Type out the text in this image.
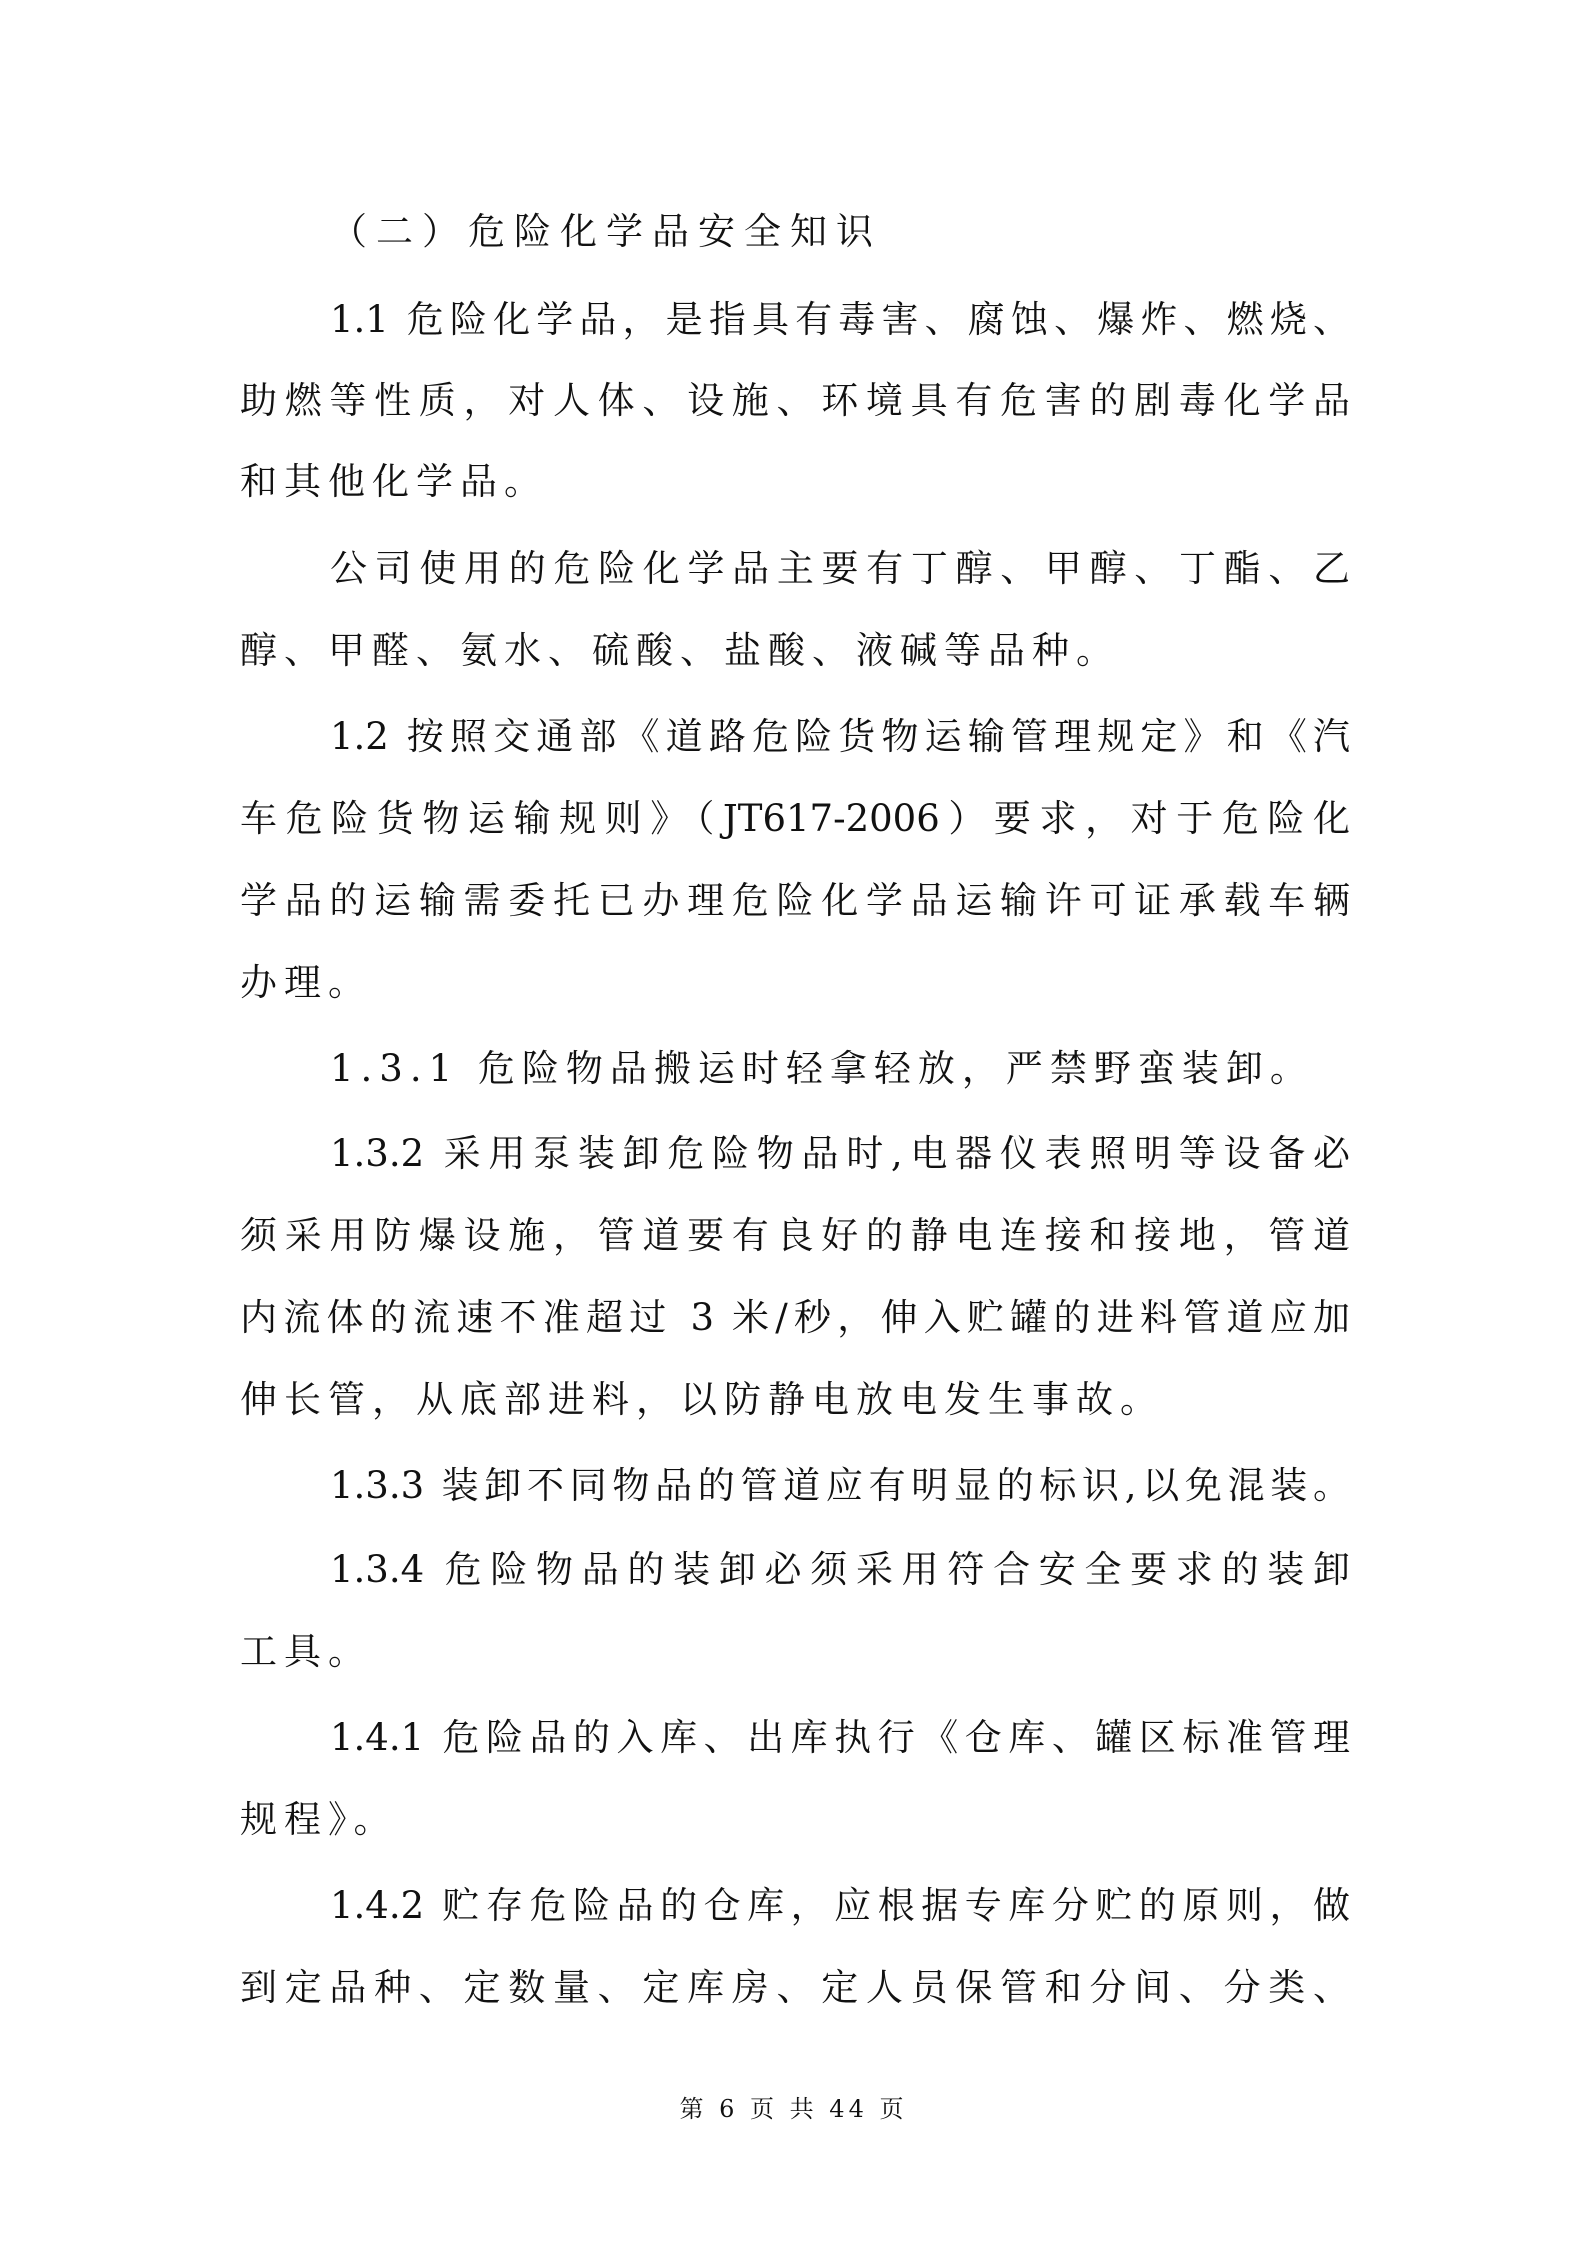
（二）危险化学品安全知识
1.1 危险化学品，是指具有毒害、腐蚀、爆炸、燃烧、
助燃等性质，对人体、设施、环境具有危害的剧毒化学品
和其他化学品。
公司使用的危险化学品主要有丁醇、甲醇、丁酯、乙
醇、甲醛、氨水、硫酸、盐酸、液碱等品种。
1.2 按照交通部《道路危险货物运输管理规定》和《汽
车危险货物运输规则》（JT617-2006）要求，对于危险化
学品的运输需委托已办理危险化学品运输许可证承载车辆
办理。
1.3.1 危险物品搬运时轻拿轻放，严禁野蛮装卸。
1.3.2 采用泵装卸危险物品时,电器仪表照明等设备必
须采用防爆设施，管道要有良好的静电连接和接地，管道
内流体的流速不准超过 3 米/秒，伸入贮罐的进料管道应加
伸长管，从底部进料，以防静电放电发生事故。
1.3.3 装卸不同物品的管道应有明显的标识,以免混装。
1.3.4 危险物品的装卸必须采用符合安全要求的装卸
工具。
1.4.1 危险品的入库、出库执行《仓库、罐区标准管理
规程》。
1.4.2 贮存危险品的仓库，应根据专库分贮的原则，做
到定品种、定数量、定库房、定人员保管和分间、分类、
第 6 页 共 44 页
